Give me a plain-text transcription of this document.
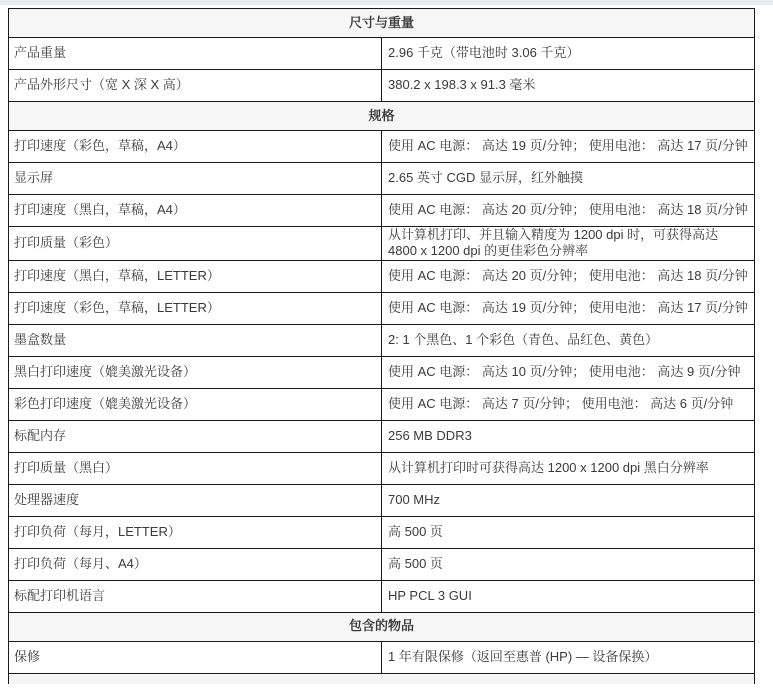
尺寸与重量	
产品重量	2.96 千克（带电池时 3.06 千克）
产品外形尺寸（宽 X 深 X 高）	380.2 x 198.3 x 91.3 毫米
规格	
打印速度（彩色，草稿，A4）	使用 AC 电源： 高达 19 页/分钟； 使用电池： 高达 17 页/分钟
显示屏	2.65 英寸 CGD 显示屏，红外触摸
打印速度（黑白，草稿，A4）	使用 AC 电源： 高达 20 页/分钟； 使用电池： 高达 18 页/分钟
打印质量（彩色）	从计算机打印、并且输入精度为 1200 dpi 时，可获得高达 4800 x 1200 dpi 的更佳彩色分辨率
打印速度（黑白，草稿，LETTER）	使用 AC 电源： 高达 20 页/分钟； 使用电池： 高达 18 页/分钟
打印速度（彩色，草稿，LETTER）	使用 AC 电源： 高达 19 页/分钟； 使用电池： 高达 17 页/分钟
墨盒数量	2: 1 个黑色、1 个彩色（青色、品红色、黄色）
黑白打印速度（媲美激光设备）	使用 AC 电源： 高达 10 页/分钟； 使用电池： 高达 9 页/分钟
彩色打印速度（媲美激光设备）	使用 AC 电源： 高达 7 页/分钟； 使用电池： 高达 6 页/分钟
标配内存	256 MB DDR3
打印质量（黑白）	从计算机打印时可获得高达 1200 x 1200 dpi 黑白分辨率
处理器速度	700 MHz
打印负荷（每月，LETTER）	高 500 页
打印负荷（每月、A4）	高 500 页
标配打印机语言	HP PCL 3 GUI
包含的物品	
保修	1 年有限保修（返回至惠普 (HP) — 设备保换）
